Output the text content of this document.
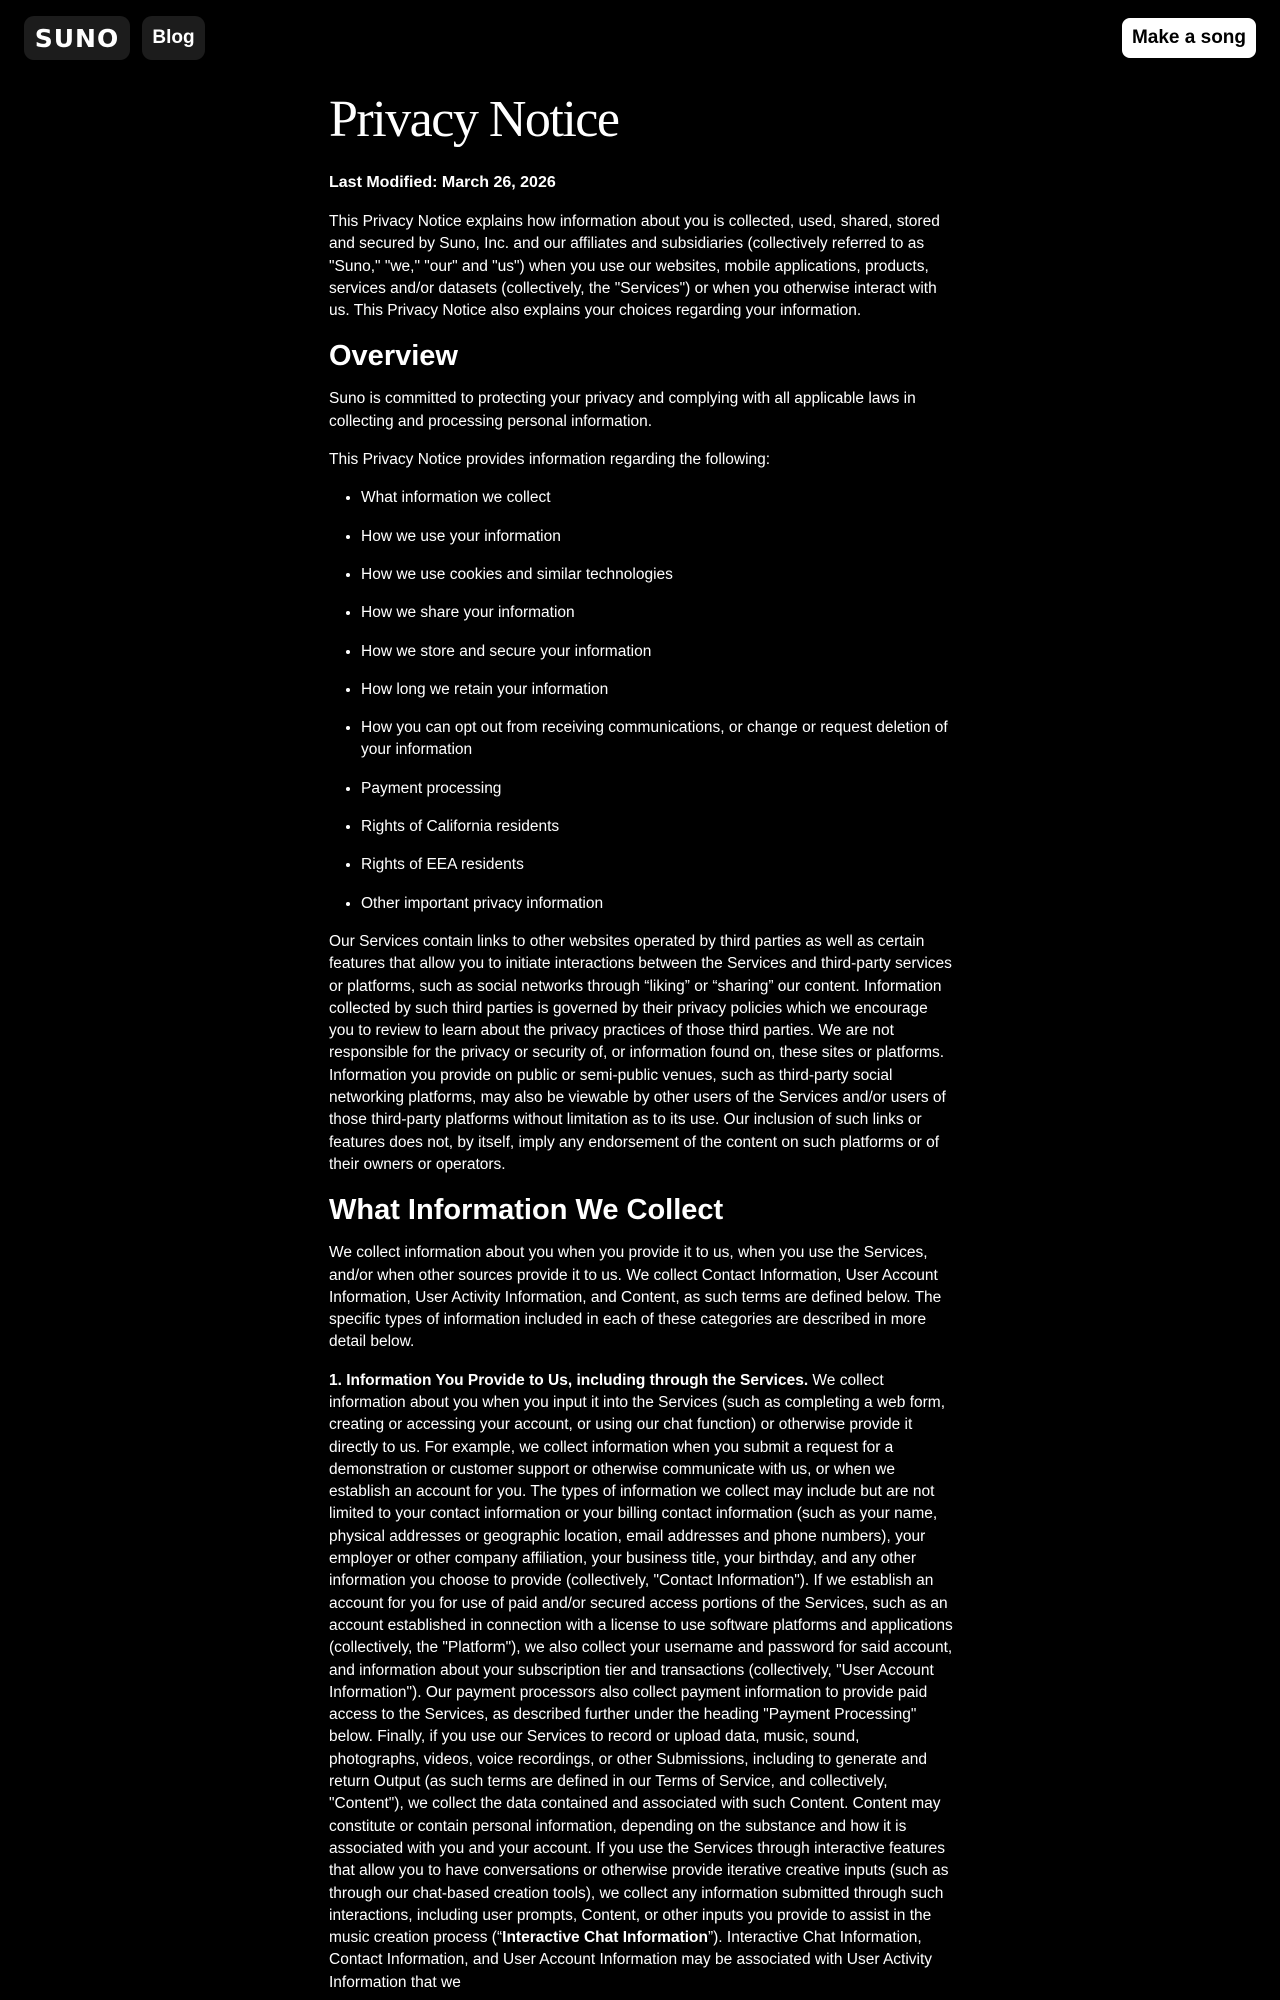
SUNO	Blog	Make a song
Privacy Notice
Last Modified: March 26, 2026

This Privacy Notice explains how information about you is collected, used, shared, stored and secured by Suno, Inc. and our affiliates and subsidiaries (collectively referred to as "Suno," "we," "our" and "us") when you use our websites, mobile applications, products, services and/or datasets (collectively, the "Services") or when you otherwise interact with us. This Privacy Notice also explains your choices regarding your information.

Overview

Suno is committed to protecting your privacy and complying with all applicable laws in collecting and processing personal information.

This Privacy Notice provides information regarding the following:

• What information we collect
• How we use your information
• How we use cookies and similar technologies
• How we share your information
• How we store and secure your information
• How long we retain your information
• How you can opt out from receiving communications, or change or request deletion of your information
• Payment processing
• Rights of California residents
• Rights of EEA residents
• Other important privacy information

Our Services contain links to other websites operated by third parties as well as certain features that allow you to initiate interactions between the Services and third-party services or platforms, such as social networks through “liking” or “sharing” our content. Information collected by such third parties is governed by their privacy policies which we encourage you to review to learn about the privacy practices of those third parties. We are not responsible for the privacy or security of, or information found on, these sites or platforms. Information you provide on public or semi-public venues, such as third-party social networking platforms, may also be viewable by other users of the Services and/or users of those third-party platforms without limitation as to its use. Our inclusion of such links or features does not, by itself, imply any endorsement of the content on such platforms or of their owners or operators.

What Information We Collect

We collect information about you when you provide it to us, when you use the Services, and/or when other sources provide it to us. We collect Contact Information, User Account Information, User Activity Information, and Content, as such terms are defined below. The specific types of information included in each of these categories are described in more detail below.

1. Information You Provide to Us, including through the Services. We collect information about you when you input it into the Services (such as completing a web form, creating or accessing your account, or using our chat function) or otherwise provide it directly to us. For example, we collect information when you submit a request for a demonstration or customer support or otherwise communicate with us, or when we establish an account for you. The types of information we collect may include but are not limited to your contact information or your billing contact information (such as your name, physical addresses or geographic location, email addresses and phone numbers), your employer or other company affiliation, your business title, your birthday, and any other information you choose to provide (collectively, "Contact Information"). If we establish an account for you for use of paid and/or secured access portions of the Services, such as an account established in connection with a license to use software platforms and applications (collectively, the "Platform"), we also collect your username and password for said account, and information about your subscription tier and transactions (collectively, "User Account Information"). Our payment processors also collect payment information to provide paid access to the Services, as described further under the heading "Payment Processing" below. Finally, if you use our Services to record or upload data, music, sound, photographs, videos, voice recordings, or other Submissions, including to generate and return Output (as such terms are defined in our Terms of Service, and collectively, "Content"), we collect the data contained and associated with such Content. Content may constitute or contain personal information, depending on the substance and how it is associated with you and your account. If you use the Services through interactive features that allow you to have conversations or otherwise provide iterative creative inputs (such as through our chat-based creation tools), we collect any information submitted through such interactions, including user prompts, Content, or other inputs you provide to assist in the music creation process (“Interactive Chat Information”). Interactive Chat Information, Contact Information, and User Account Information may be associated with User Activity Information that we
